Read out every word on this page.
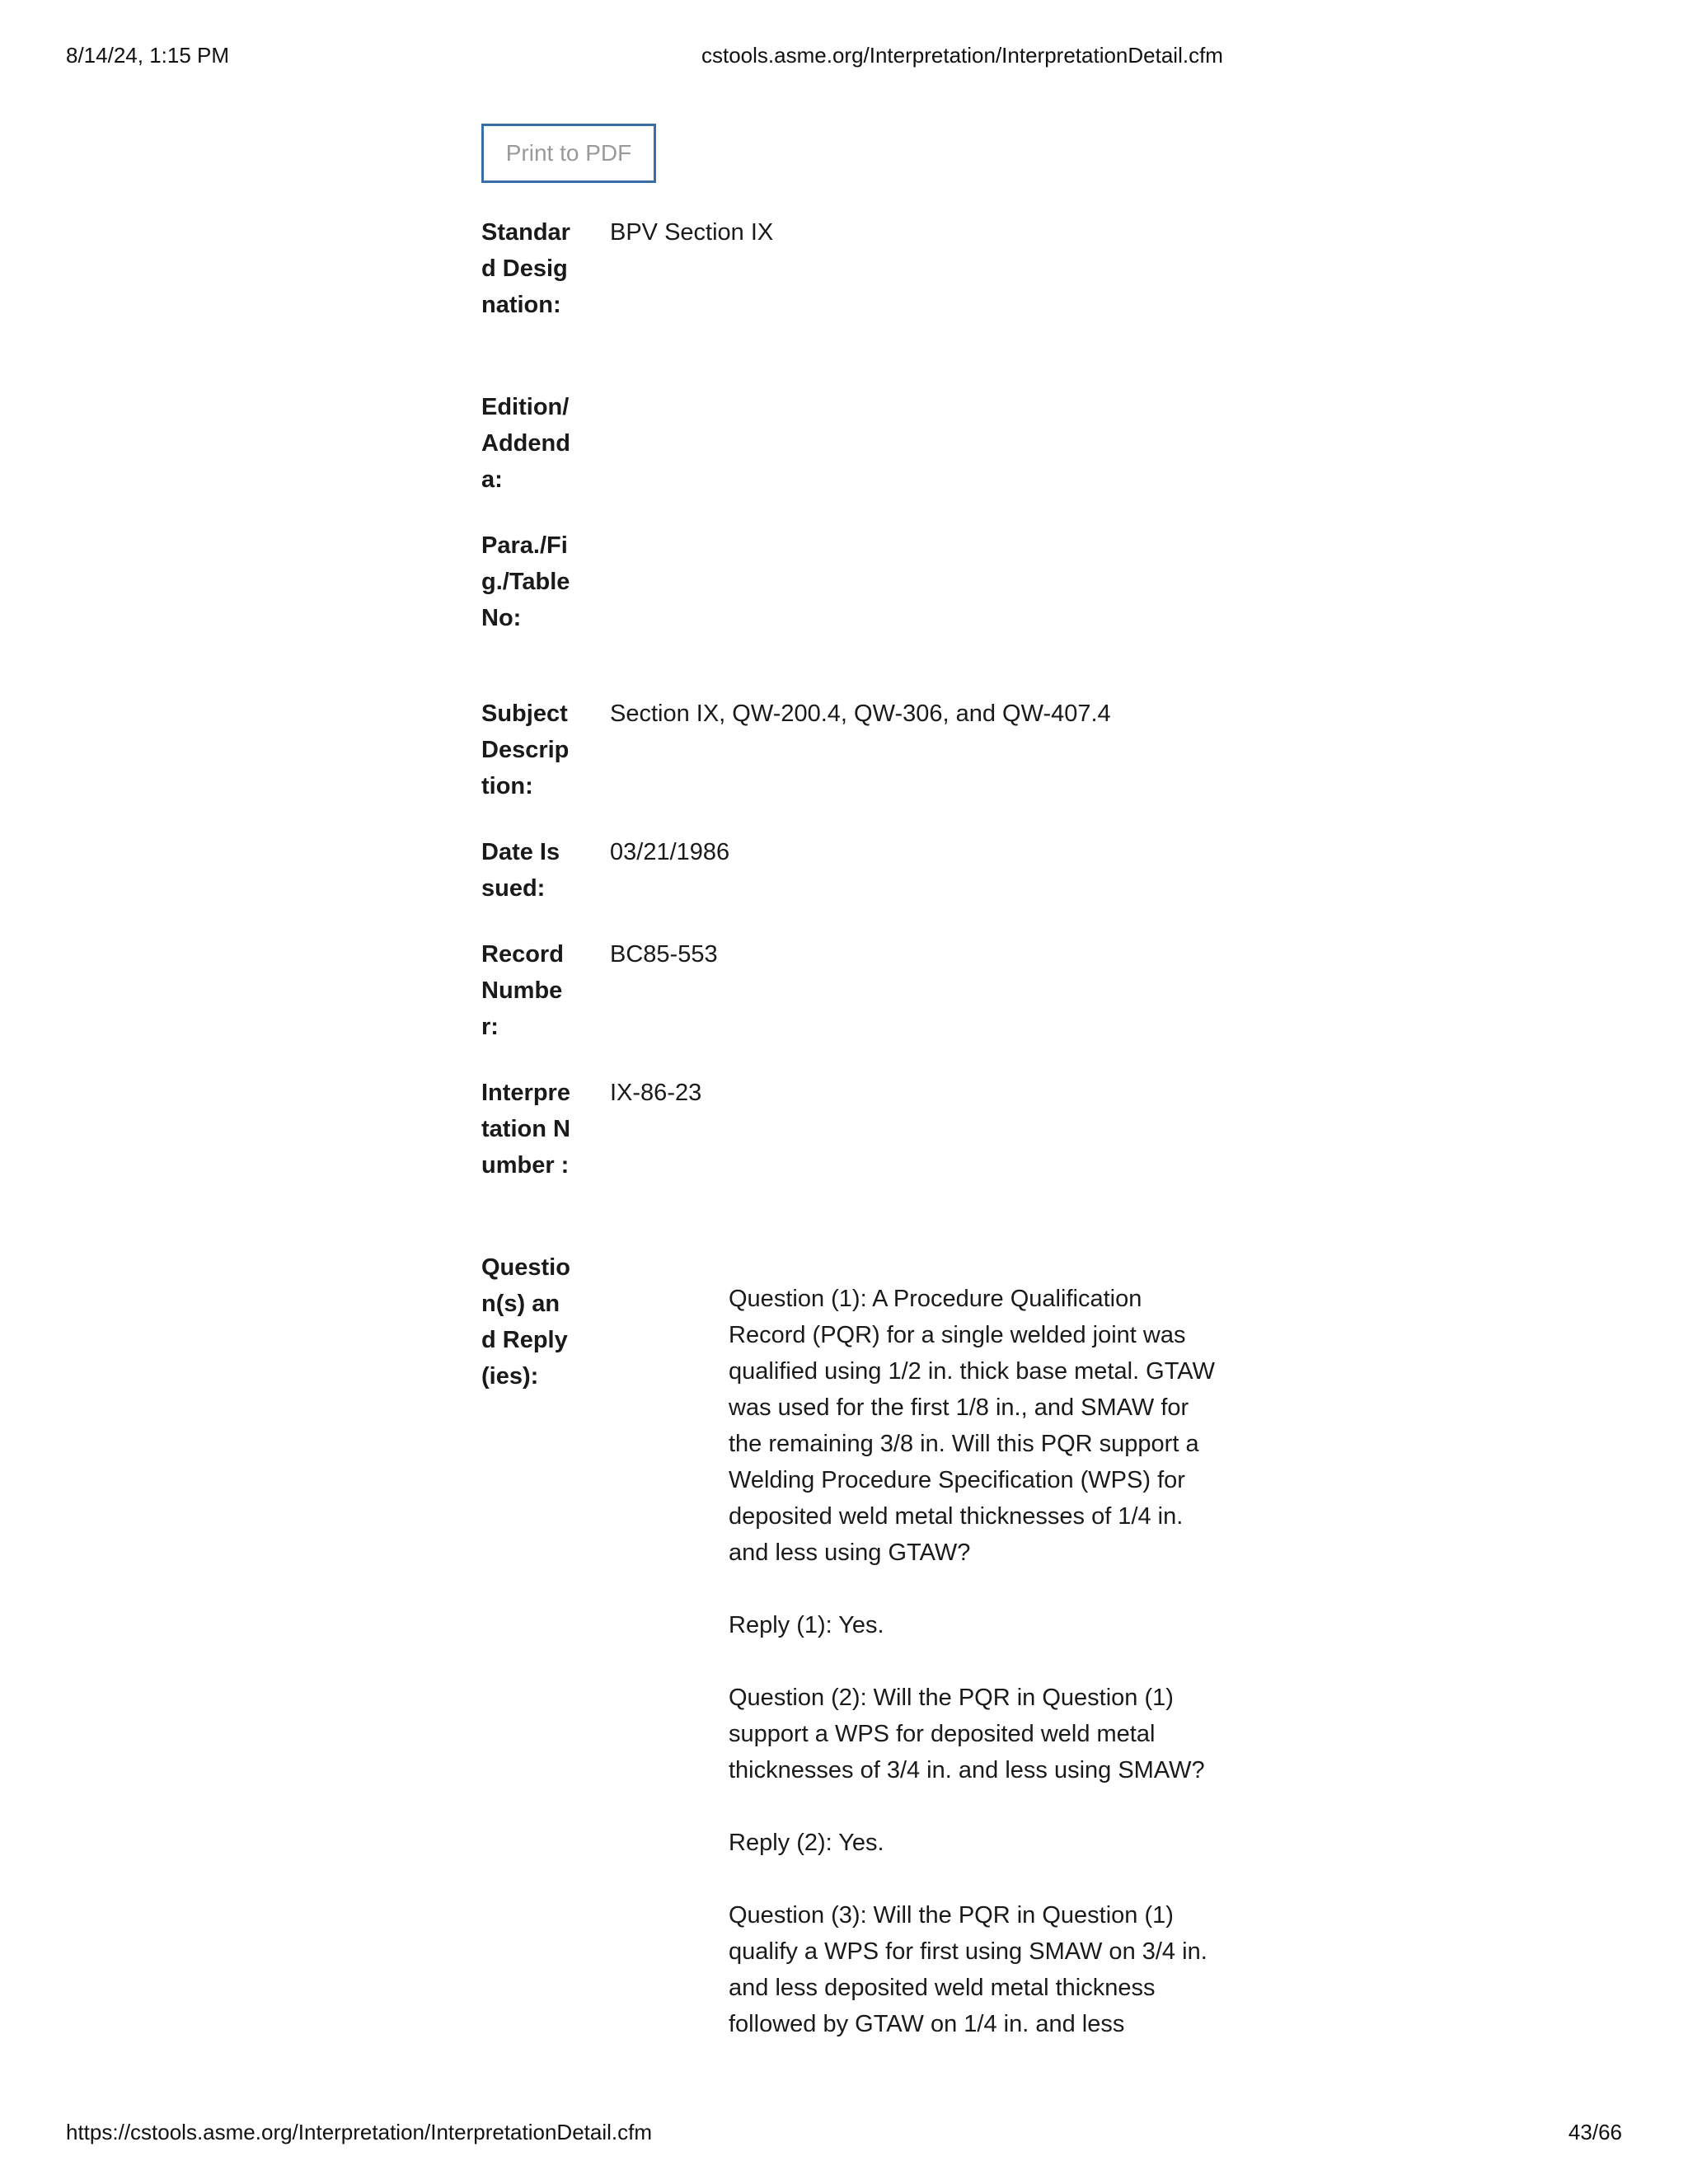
8/14/24, 1:15 PM	cstools.asme.org/Interpretation/InterpretationDetail.cfm
https://cstools.asme.org/Interpretation/InterpretationDetail.cfm	43/66
Print to PDF
Standard Designation:
BPV Section IX
Edition/Addenda:
Para./Fig./Table No:
Subject Description:
Section IX, QW-200.4, QW-306, and QW-407.4
Date Issued:
03/21/1986
Record Number:
BC85-553
Interpretation Number :
IX-86-23
Question(s) and Reply(ies):

Question (1): A Procedure Qualification Record (PQR) for a single welded joint was qualified using 1/2 in. thick base metal. GTAW was used for the first 1/8 in., and SMAW for the remaining 3/8 in. Will this PQR support a Welding Procedure Specification (WPS) for deposited weld metal thicknesses of 1/4 in. and less using GTAW?

Reply (1): Yes.

Question (2): Will the PQR in Question (1) support a WPS for deposited weld metal thicknesses of 3/4 in. and less using SMAW?

Reply (2): Yes.

Question (3): Will the PQR in Question (1) qualify a WPS for first using SMAW on 3/4 in. and less deposited weld metal thickness followed by GTAW on 1/4 in. and less
